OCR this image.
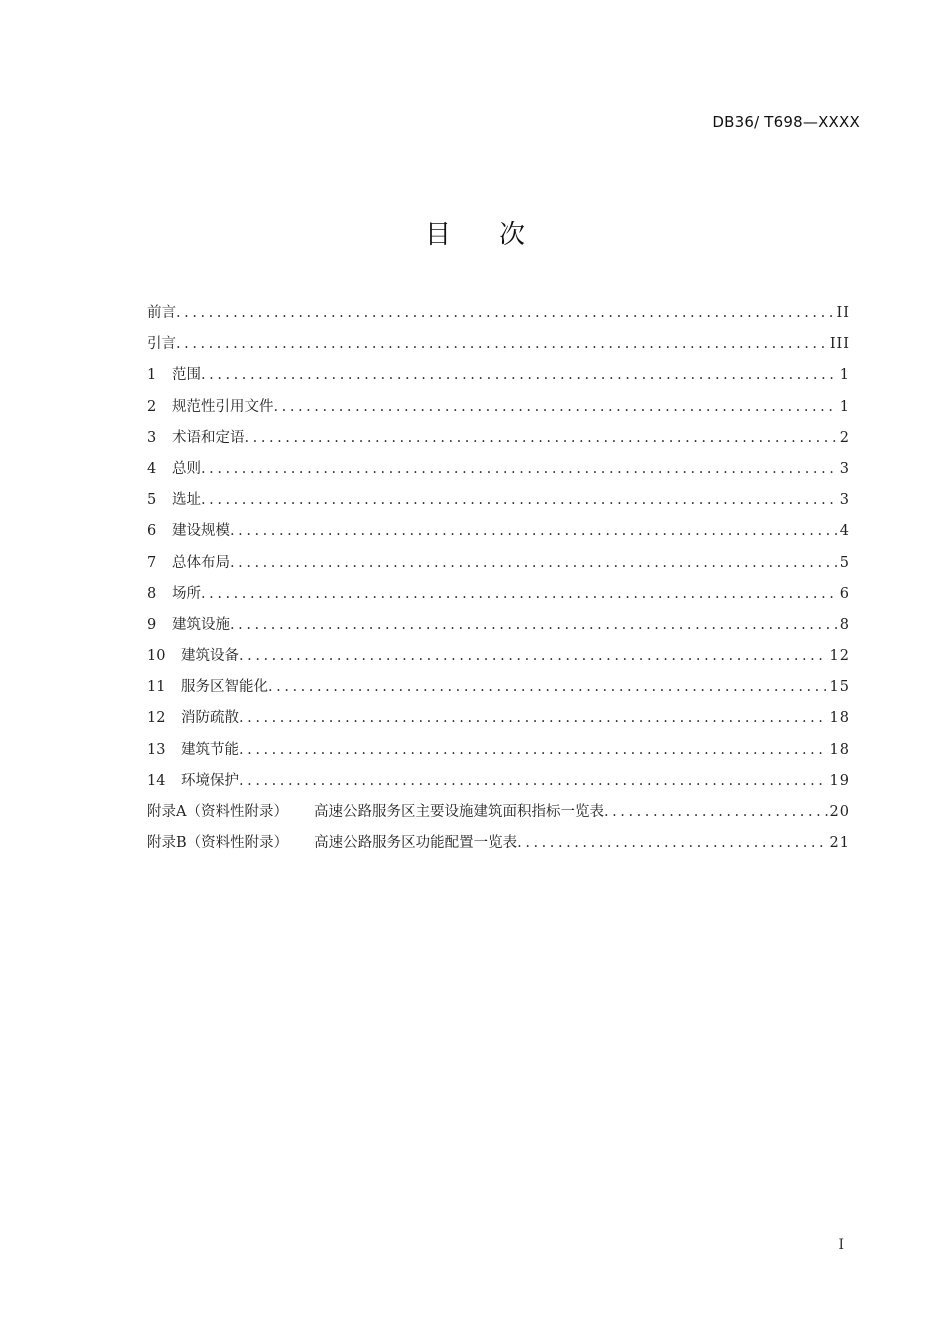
DB36/ T698—XXXX
目 次
前言 .....	II
引言 .....	III
1	范围 .....	1
2	规范性引用文件 .....	1
3	术语和定语 .....	2
4	总则 .....	3
5	选址 .....	3
6	建设规模 .....	4
7	总体布局 .....	5
8	场所 .....	6
9	建筑设施 .....	8
10	建筑设备 .....	12
11	服务区智能化 .....	15
12	消防疏散 .....	18
13	建筑节能 .....	18
14	环境保护 .....	19
附录A（资料性附录） 高速公路服务区主要设施建筑面积指标一览表 .....	20
附录B（资料性附录） 高速公路服务区功能配置一览表 .....	21
I
